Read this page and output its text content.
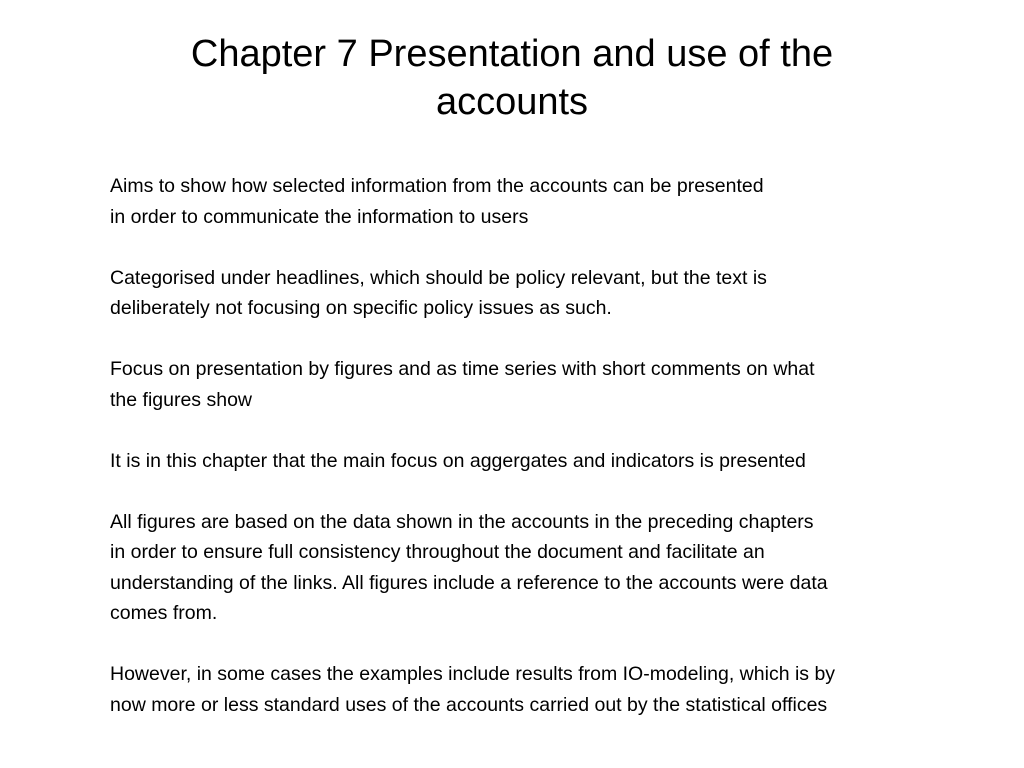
Chapter 7 Presentation and use of the accounts

Aims to show how selected information from the accounts can be presented
in order to communicate the information to users

Categorised under headlines, which should be policy relevant, but the text is
deliberately not focusing on specific policy issues as such.

Focus on presentation by figures and as time series with short comments on what
the figures show

It is in this chapter that the main focus on aggergates and indicators is presented

All figures are based on the data shown in the accounts in the preceding chapters
in order to ensure full consistency throughout the document and facilitate an
understanding of the links. All figures include a reference to the accounts were data
comes from.

However, in some cases the examples include results from IO-modeling, which is by
now more or less standard uses of the accounts carried out by the statistical offices
